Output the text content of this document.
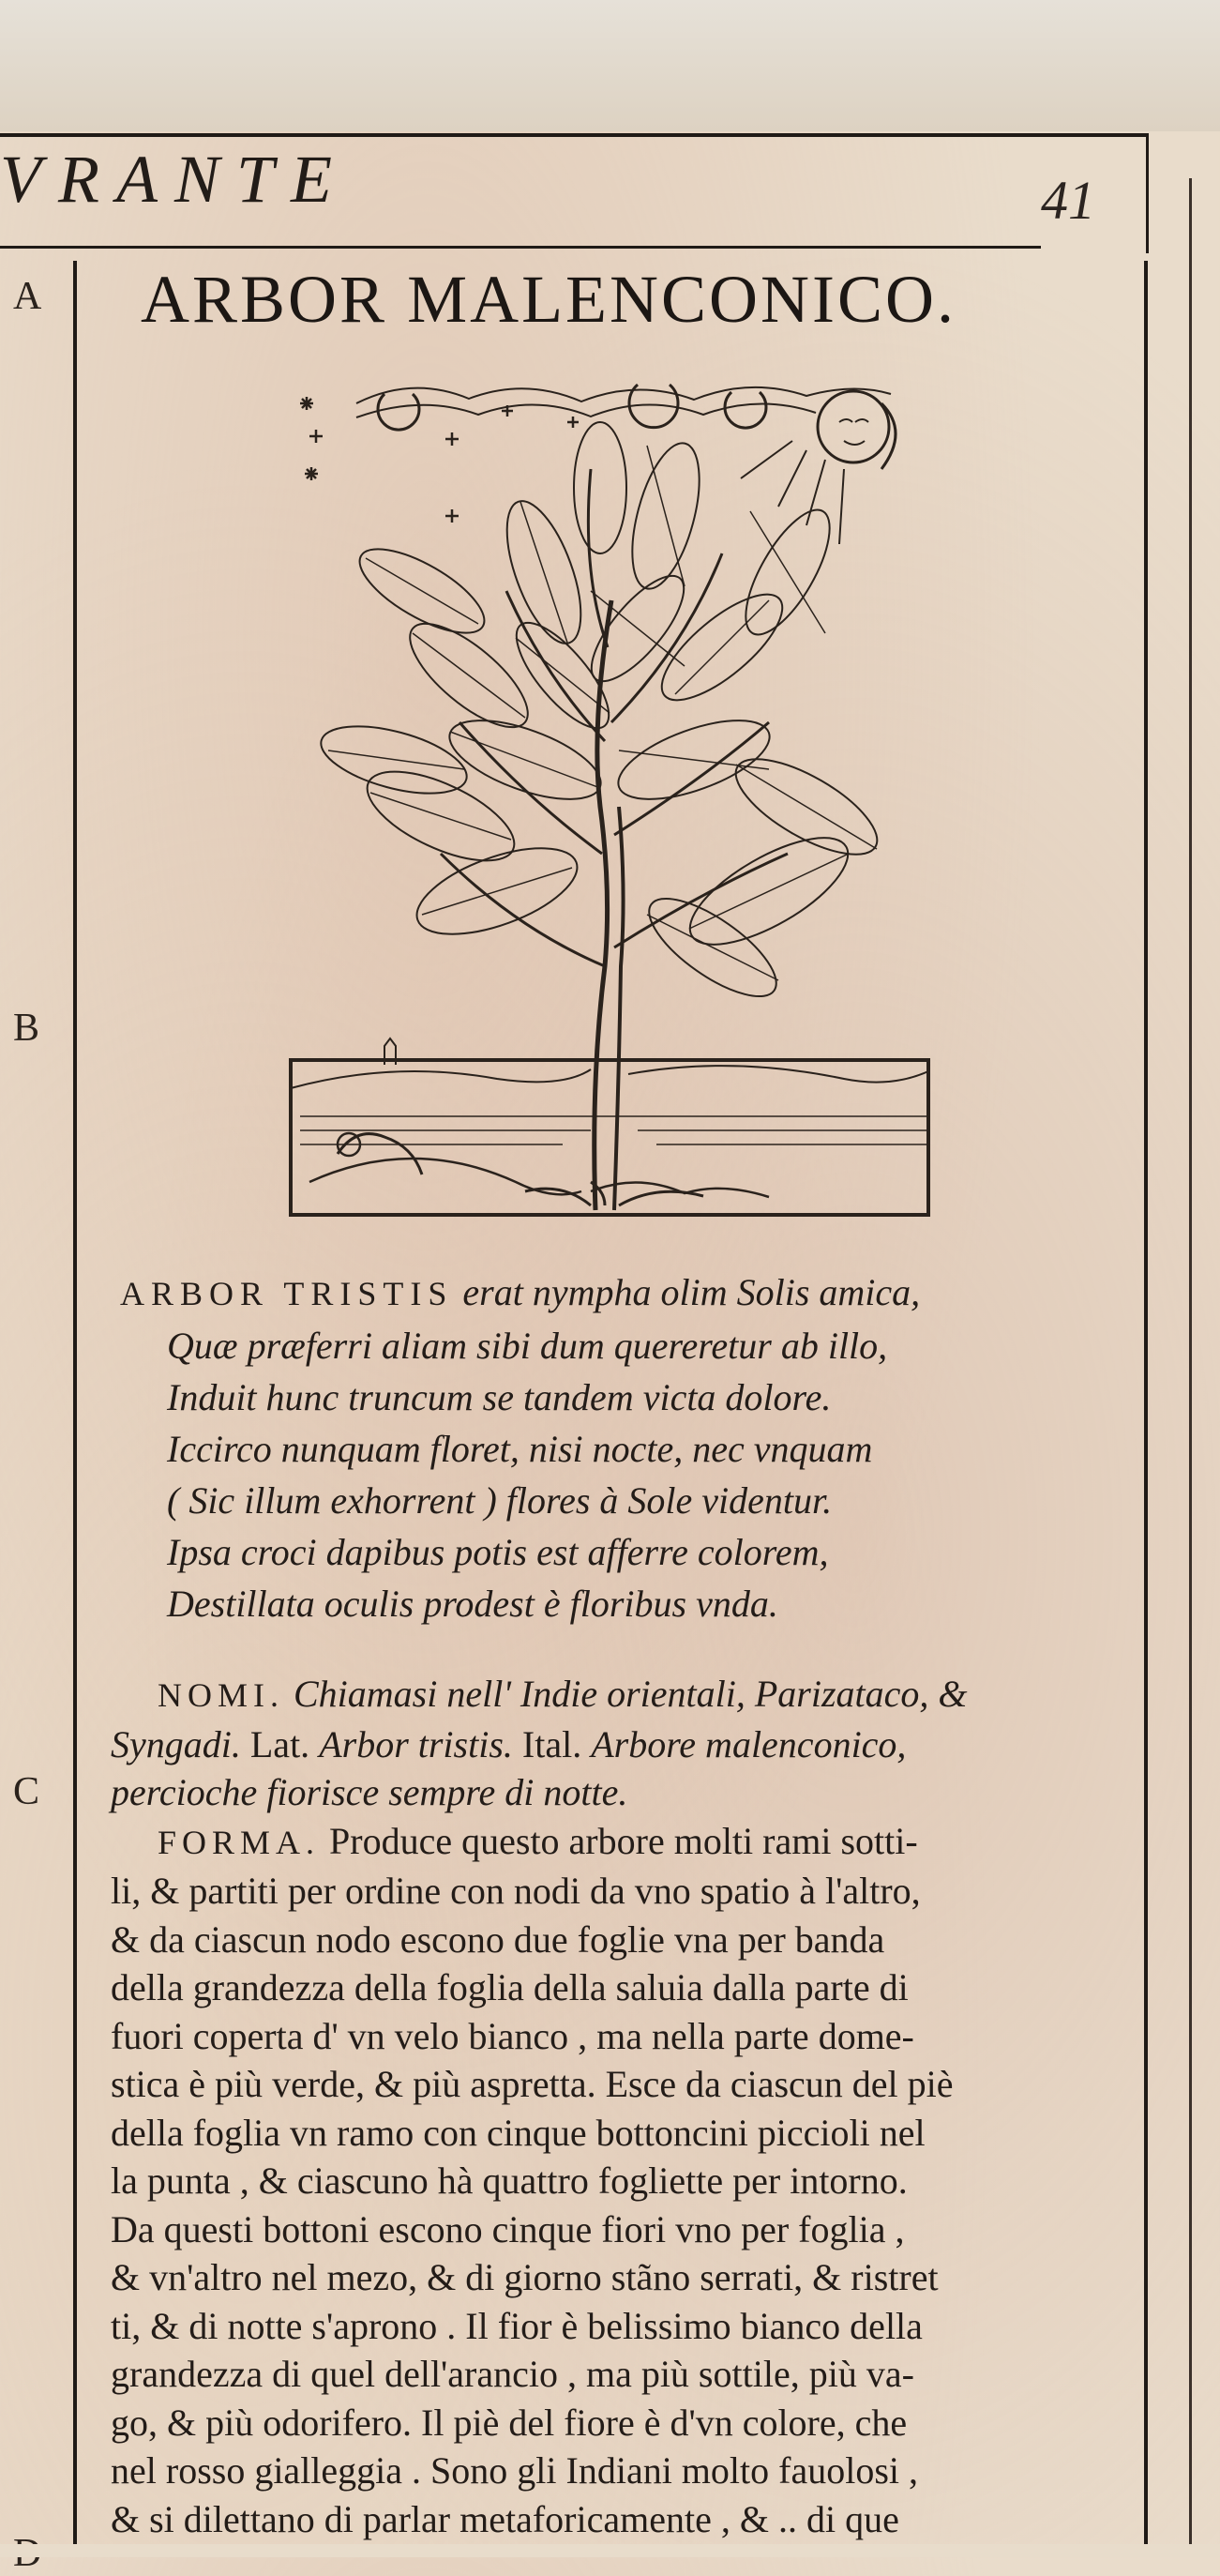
VRANTE	41
A
B
C
ARBOR MALENCONICO.
ARBOR TRISTIS erat nympha olim Solis amica,
Quæ præferri aliam sibi dum quereretur ab illo,
Induit hunc truncum se tandem victa dolore.
Iccirco nunquam floret, nisi nocte, nec vnquam
( Sic illum exhorrent ) flores à Sole videntur.
Ipsa croci dapibus potis est afferre colorem,
Destillata oculis prodest è floribus vnda.
NOMI. Chiamasi nell' Indie orientali, Parizataco, &
Syngadi. Lat. Arbor tristis. Ital. Arbore malenconico,
percioche fiorisce sempre di notte.
FORMA. Produce questo arbore molti rami sotti-
li, & partiti per ordine con nodi da vno spatio à l'altro,
& da ciascun nodo escono due foglie vna per banda
della grandezza della foglia della saluia dalla parte di
fuori coperta d' vn velo bianco , ma nella parte dome-
stica è più verde, & più aspretta. Esce da ciascun del piè
della foglia vn ramo con cinque bottoncini piccioli nel
la punta , & ciascuno hà quattro fogliette per intorno.
Da questi bottoni escono cinque fiori vno per foglia ,
& vn'altro nel mezo, & di giorno stãno serrati, & ristret
ti, & di notte s'aprono . Il fior è belissimo bianco della
grandezza di quel dell'arancio , ma più sottile, più va-
go, & più odorifero. Il piè del fiore è d'vn colore, che
nel rosso gialleggia . Sono gli Indiani molto fauolosi ,
& si dilettano di parlar metaforicamente , & .. di que
